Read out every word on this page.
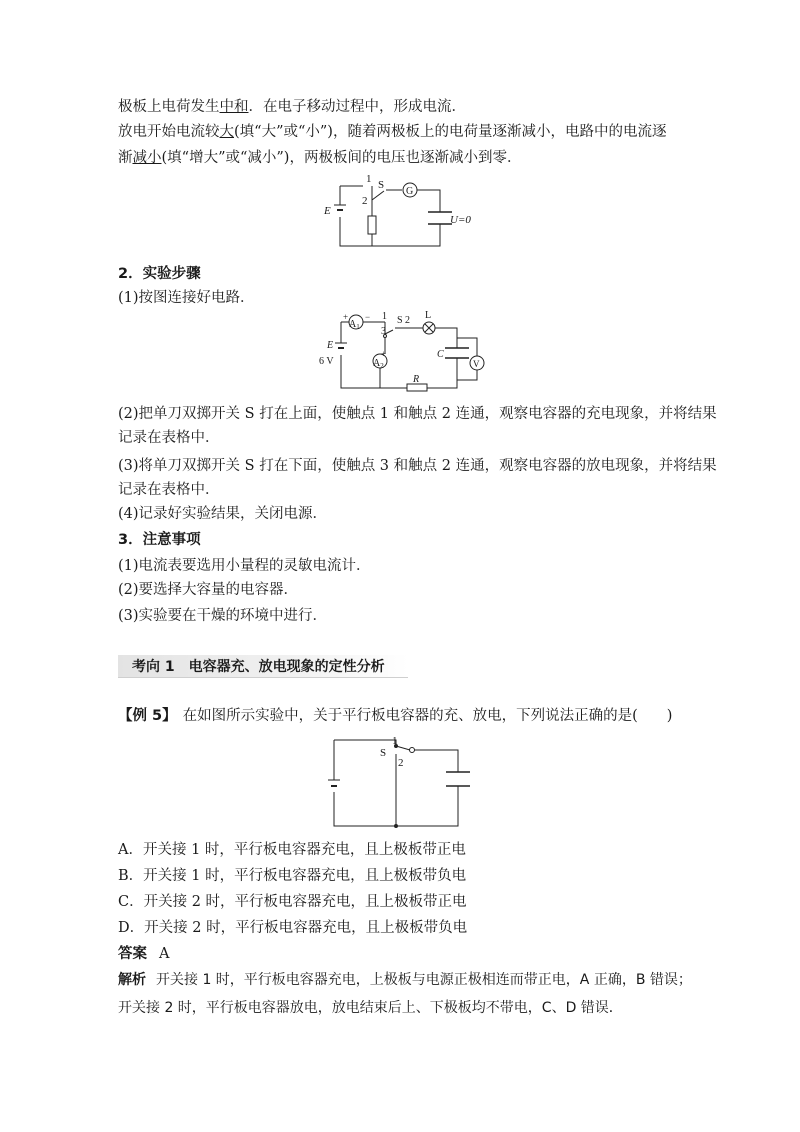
极板上电荷发生中和．在电子移动过程中，形成电流．
放电开始电流较大(填“大”或“小”)，随着两极板上的电荷量逐渐减小，电路中的电流逐
渐减小(填“增大”或“减小”)，两极板间的电压也逐渐减小到零．
1 S
2
G
E
U=0
2．实验步骤
(1)按图连接好电路．
$A_1$
$A_2$
+ −
+
1
3
S 2 L
E
6 V
C
V
R
(2)把单刀双掷开关 S 打在上面，使触点 1 和触点 2 连通，观察电容器的充电现象，并将结果
记录在表格中．
(3)将单刀双掷开关 S 打在下面，使触点 3 和触点 2 连通，观察电容器的放电现象，并将结果
记录在表格中．
(4)记录好实验结果，关闭电源．
3．注意事项
(1)电流表要选用小量程的灵敏电流计．
(2)要选择大容量的电容器．
(3)实验要在干燥的环境中进行．
考向 1　电容器充、放电现象的定性分析
【例 5】 在如图所示实验中，关于平行板电容器的充、放电，下列说法正确的是(　　)
1
S
2
A．开关接 1 时，平行板电容器充电，且上极板带正电
B．开关接 1 时，平行板电容器充电，且上极板带负电
C．开关接 2 时，平行板电容器充电，且上极板带正电
D．开关接 2 时，平行板电容器充电，且上极板带负电
答案 A
解析 开关接 1 时，平行板电容器充电，上极板与电源正极相连而带正电，A 正确，B 错误；
开关接 2 时，平行板电容器放电，放电结束后上、下极板均不带电，C、D 错误．
